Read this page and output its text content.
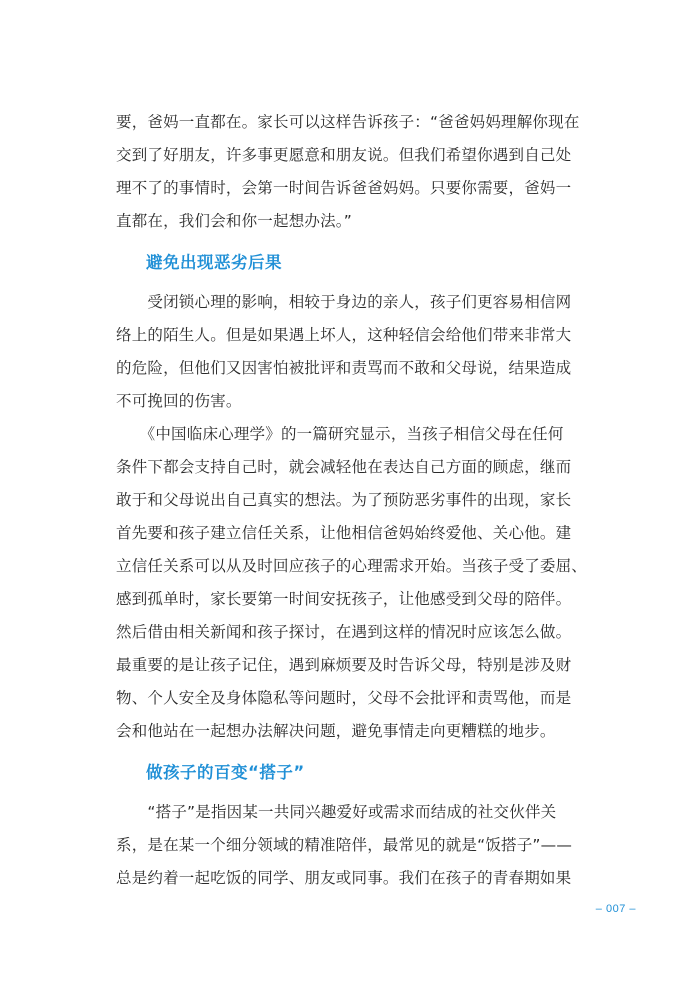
要，爸妈一直都在。家长可以这样告诉孩子：“爸爸妈妈理解你现在
交到了好朋友，许多事更愿意和朋友说。但我们希望你遇到自己处
理不了的事情时，会第一时间告诉爸爸妈妈。只要你需要，爸妈一
直都在，我们会和你一起想办法。”

避免出现恶劣后果

　　受闭锁心理的影响，相较于身边的亲人，孩子们更容易相信网
络上的陌生人。但是如果遇上坏人，这种轻信会给他们带来非常大
的危险，但他们又因害怕被批评和责骂而不敢和父母说，结果造成
不可挽回的伤害。

　　《中国临床心理学》的一篇研究显示，当孩子相信父母在任何
条件下都会支持自己时，就会减轻他在表达自己方面的顾虑，继而
敢于和父母说出自己真实的想法。为了预防恶劣事件的出现，家长
首先要和孩子建立信任关系，让他相信爸妈始终爱他、关心他。建
立信任关系可以从及时回应孩子的心理需求开始。当孩子受了委屈、
感到孤单时，家长要第一时间安抚孩子，让他感受到父母的陪伴。
然后借由相关新闻和孩子探讨，在遇到这样的情况时应该怎么做。
最重要的是让孩子记住，遇到麻烦要及时告诉父母，特别是涉及财
物、个人安全及身体隐私等问题时，父母不会批评和责骂他，而是
会和他站在一起想办法解决问题，避免事情走向更糟糕的地步。

做孩子的百变“搭子”

　　“搭子”是指因某一共同兴趣爱好或需求而结成的社交伙伴关
系，是在某一个细分领域的精准陪伴，最常见的就是“饭搭子”——
总是约着一起吃饭的同学、朋友或同事。我们在孩子的青春期如果

– 007 –
